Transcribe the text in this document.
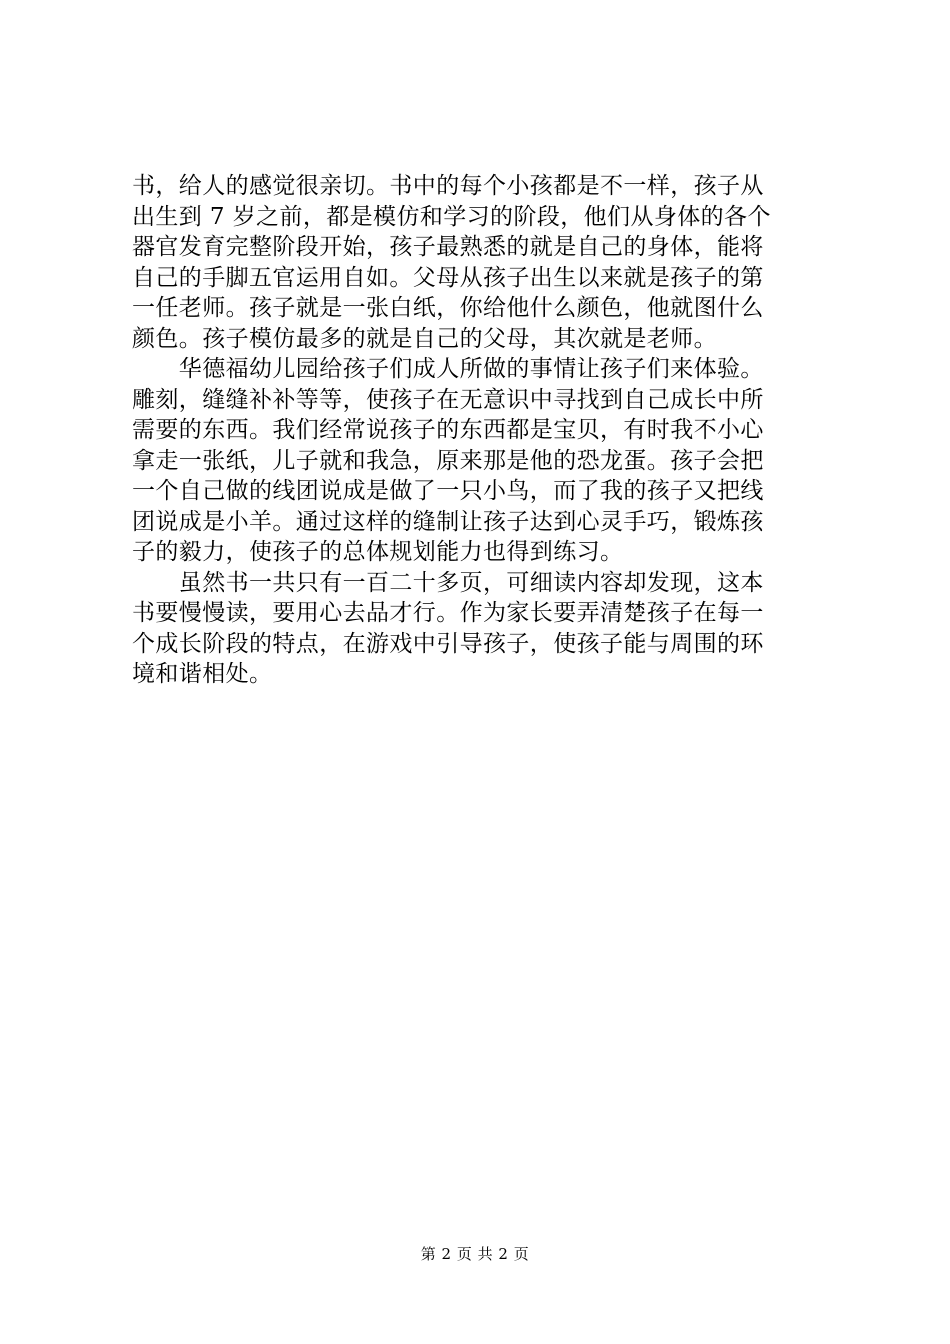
书，给人的感觉很亲切。书中的每个小孩都是不一样，孩子从
出生到 7 岁之前，都是模仿和学习的阶段，他们从身体的各个
器官发育完整阶段开始，孩子最熟悉的就是自己的身体，能将
自己的手脚五官运用自如。父母从孩子出生以来就是孩子的第
一任老师。孩子就是一张白纸，你给他什么颜色，他就图什么
颜色。孩子模仿最多的就是自己的父母，其次就是老师。
　　华德福幼儿园给孩子们成人所做的事情让孩子们来体验。
雕刻，缝缝补补等等，使孩子在无意识中寻找到自己成长中所
需要的东西。我们经常说孩子的东西都是宝贝，有时我不小心
拿走一张纸，儿子就和我急，原来那是他的恐龙蛋。孩子会把
一个自己做的线团说成是做了一只小鸟，而了我的孩子又把线
团说成是小羊。通过这样的缝制让孩子达到心灵手巧，锻炼孩
子的毅力，使孩子的总体规划能力也得到练习。
　　虽然书一共只有一百二十多页，可细读内容却发现，这本
书要慢慢读，要用心去品才行。作为家长要弄清楚孩子在每一
个成长阶段的特点，在游戏中引导孩子，使孩子能与周围的环
境和谐相处。
第 2 页 共 2 页
